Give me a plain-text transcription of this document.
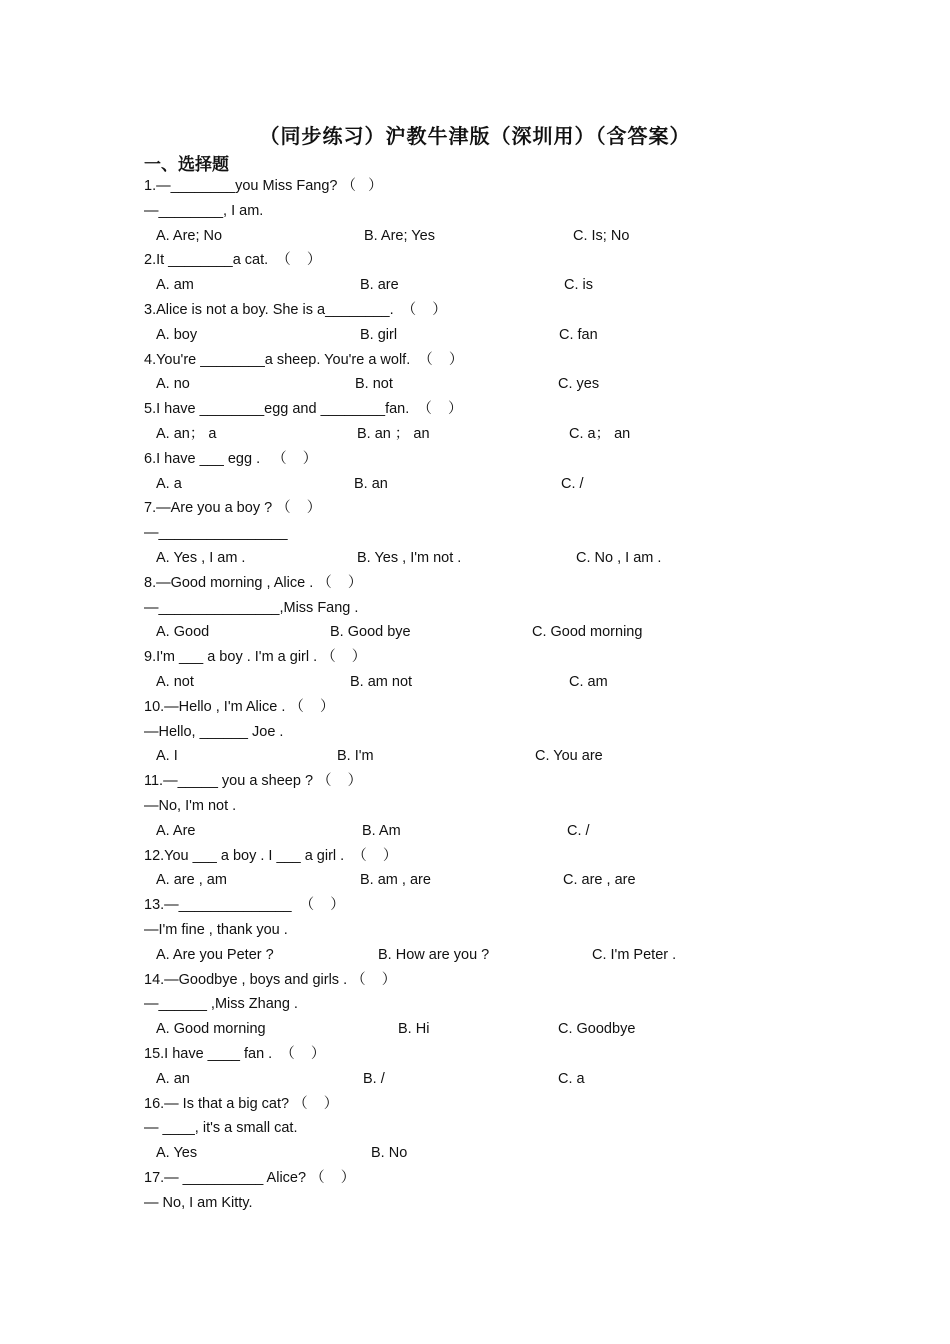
（同步练习）沪教牛津版（深圳用）（含答案）
一、选择题
1.—________you Miss Fang? （   ）
—________, I am.
A. Are; No	B. Are; Yes	C. Is; No
2.It ________a cat.  （    ）
A. am	B. are	C. is
3.Alice is not a boy. She is a________.  （    ）
A. boy	B. girl	C. fan
4.You're ________a sheep. You're a wolf.  （    ）
A. no	B. not	C. yes
5.I have ________egg and ________fan.  （    ）
A. an； a	B. an ； an	C. a； an
6.I have ___ egg .   （    ）
A. a	B. an	C. /
7.—Are you a boy ? （    ）
—________________
A. Yes , I am .	B. Yes , I'm not .	C. No , I am .
8.—Good morning , Alice . （    ）
—_______________,Miss Fang .
A. Good	B. Good bye	C. Good morning
9.I'm ___ a boy . I'm a girl . （    ）
A. not	B. am not	C. am
10.—Hello , I'm Alice . （    ）
—Hello, ______ Joe .
A. I	B. I'm	C. You are
11.—_____ you a sheep ? （    ）
—No, I'm not .
A. Are	B. Am	C. /
12.You ___ a boy . I ___ a girl .  （    ）
A. are , am	B. am , are	C. are , are
13.—______________  （    ）
—I'm fine , thank you .
A. Are you Peter ?	B. How are you ?	C. I'm Peter .
14.—Goodbye , boys and girls . （    ）
—______ ,Miss Zhang .
A. Good morning	B. Hi	C. Goodbye
15.I have ____ fan .  （    ）
A. an	B. /	C. a
16.— Is that a big cat? （    ）
— ____, it's a small cat.
A. Yes	B. No
17.— __________ Alice? （    ）
— No, I am Kitty.
